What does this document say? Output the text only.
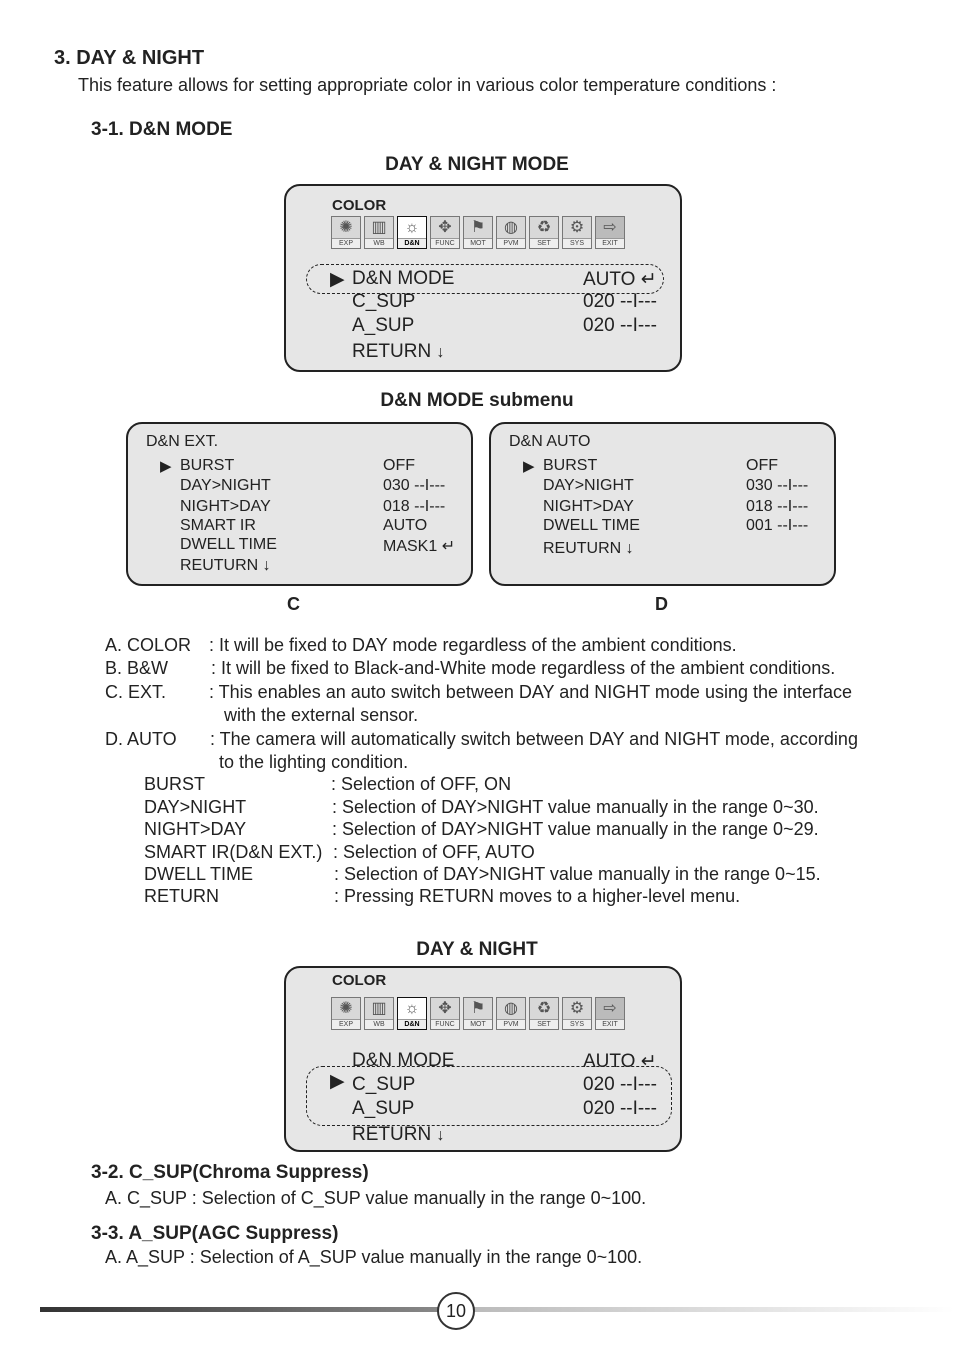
3. DAY & NIGHT
This feature allows for setting appropriate color in various color temperature conditions :
3-1. D&N MODE
DAY & NIGHT MODE
COLOR
✺
EXP
▥
WB
☼
D&N
✥
FUNC
⚑
MOT
◍
PVM
♻
SET
⚙
SYS
⇨
EXIT
▶ D&N MODE	AUTO ↵
C_SUP	020 --I---
A_SUP	020 --I---
RETURN ↓
D&N MODE submenu
D&N EXT.
▶ BURST	OFF
DAY>NIGHT	030 --I---
NIGHT>DAY	018 --I---
SMART IR	AUTO
DWELL TIME	MASK1 ↵
REUTURN ↓
D&N AUTO
▶ BURST	OFF
DAY>NIGHT	030 --I---
NIGHT>DAY	018 --I---
DWELL TIME	001 --I---
REUTURN ↓
C	D
A. COLOR : It will be fixed to DAY mode regardless of the ambient conditions.
B. B&W : It will be fixed to Black-and-White mode regardless of the ambient conditions.
C. EXT. : This enables an auto switch between DAY and NIGHT mode using the interface
with the external sensor.
D. AUTO : The camera will automatically switch between DAY and NIGHT mode, according
to the lighting condition.
BURST	: Selection of OFF, ON
DAY>NIGHT	: Selection of DAY>NIGHT value manually in the range 0~30.
NIGHT>DAY	: Selection of DAY>NIGHT value manually in the range 0~29.
SMART IR(D&N EXT.) : Selection of OFF, AUTO
DWELL TIME	: Selection of DAY>NIGHT value manually in the range 0~15.
RETURN	: Pressing RETURN moves to a higher-level menu.
DAY & NIGHT
COLOR
✺
EXP
▥
WB
☼
D&N
✥
FUNC
⚑
MOT
◍
PVM
♻
SET
⚙
SYS
⇨
EXIT
D&N MODE	AUTO ↵
▶ C_SUP	020 --I---
A_SUP	020 --I---
RETURN ↓
3-2. C_SUP(Chroma Suppress)
A. C_SUP : Selection of C_SUP value manually in the range 0~100.
3-3. A_SUP(AGC Suppress)
A. A_SUP : Selection of A_SUP value manually in the range 0~100.
10
